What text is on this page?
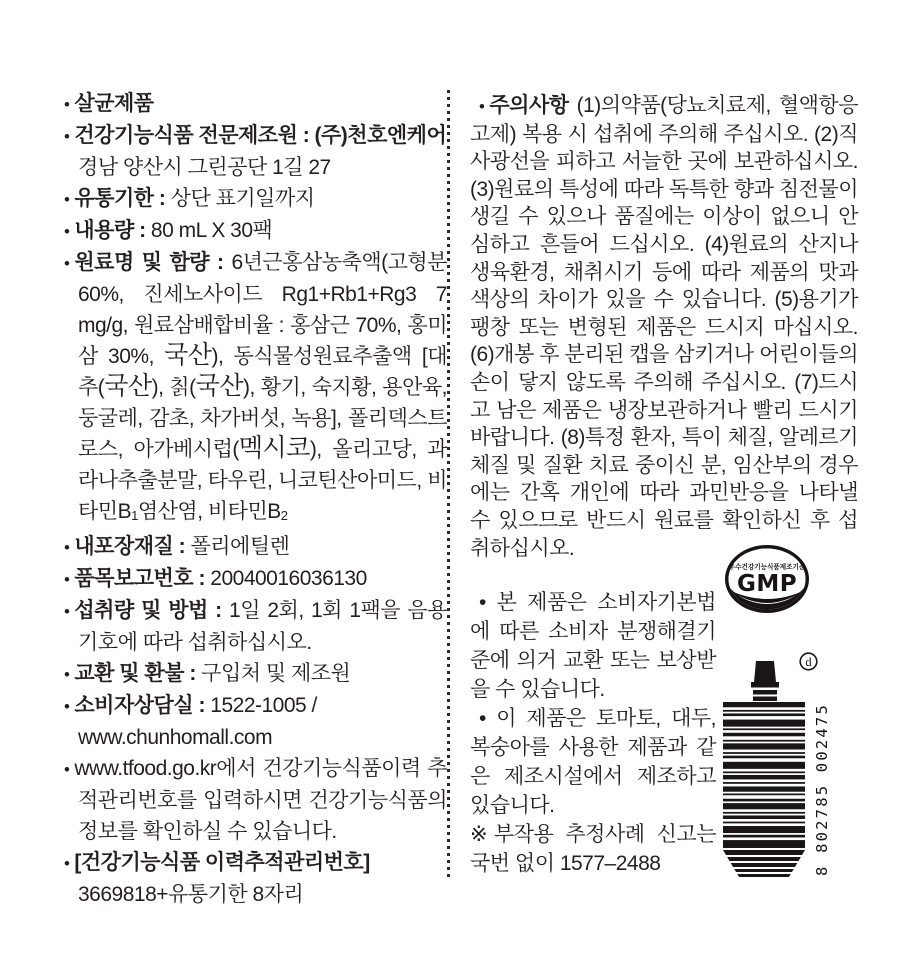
• 살균제품

• 건강기능식품 전문제조원 : (주)천호엔케어
경남 양산시 그린공단 1길 27

• 유통기한 : 상단 표기일까지

• 내용량 : 80 mL X 30팩

• 원료명 및 함량 : 6년근홍삼농축액(고형분 60%, 진세노사이드 Rg1+Rb1+Rg3 7 mg/g, 원료삼배합비율 : 홍삼근 70%, 홍미삼 30%, 국산), 동식물성원료추출액 [대추(국산), 칡(국산), 황기, 숙지황, 용안육, 둥굴레, 감초, 차가버섯, 녹용], 폴리덱스트로스, 아가베시럽(멕시코), 올리고당, 과라나추출분말, 타우린, 니코틴산아미드, 비타민B1염산염, 비타민B2

• 내포장재질 : 폴리에틸렌

• 품목보고번호 : 20040016036130

• 섭취량 및 방법 : 1일 2회, 1회 1팩을 음용 기호에 따라 섭취하십시오.

• 교환 및 환불 : 구입처 및 제조원

• 소비자상담실 : 1522-1005 /
www.chunhomall.com

• www.tfood.go.kr에서 건강기능식품이력 추적관리번호를 입력하시면 건강기능식품의 정보를 확인하실 수 있습니다.

• [건강기능식품 이력추적관리번호]
3669818+유통기한 8자리

• 주의사항 (1)의약품(당뇨치료제, 혈액항응고제) 복용 시 섭취에 주의해 주십시오. (2)직사광선을 피하고 서늘한 곳에 보관하십시오. (3)원료의 특성에 따라 독특한 향과 침전물이 생길 수 있으나 품질에는 이상이 없으니 안심하고 흔들어 드십시오. (4)원료의 산지나 생육환경, 채취시기 등에 따라 제품의 맛과 색상의 차이가 있을 수 있습니다. (5)용기가 팽창 또는 변형된 제품은 드시지 마십시오. (6)개봉 후 분리된 캡을 삼키거나 어린이들의 손이 닿지 않도록 주의해 주십시오. (7)드시고 남은 제품은 냉장보관하거나 빨리 드시기 바랍니다. (8)특정 환자, 특이 체질, 알레르기 체질 및 질환 치료 중이신 분, 임산부의 경우에는 간혹 개인에 따라 과민반응을 나타낼 수 있으므로 반드시 원료를 확인하신 후 섭취하십시오.

• 본 제품은 소비자기본법에 따른 소비자 분쟁해결기준에 의거 교환 또는 보상받을 수 있습니다.

• 이 제품은 토마토, 대두, 복숭아를 사용한 제품과 같은 제조시설에서 제조하고 있습니다.

※부작용 추정사례 신고는 국번 없이 1577–2488

우수건강기능식품제조기준
GMP
d
8 802785 002475
